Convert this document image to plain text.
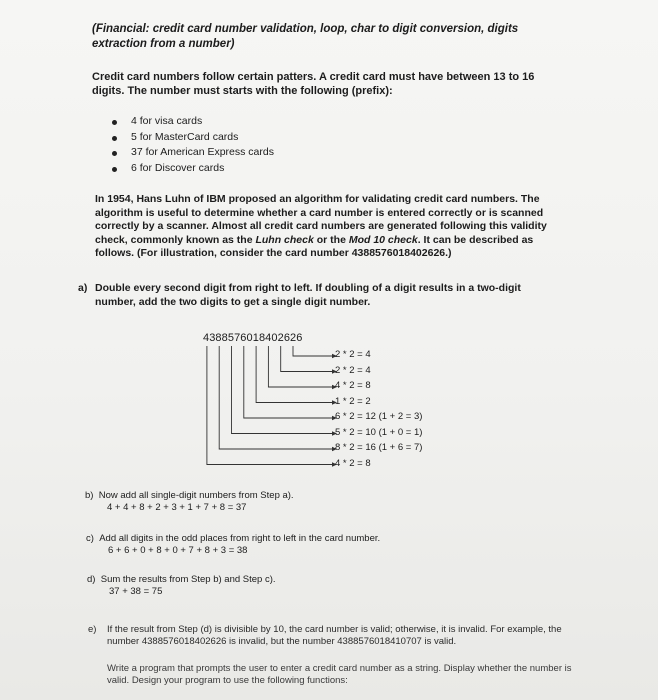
(Financial: credit card number validation, loop, char to digit conversion, digits extraction from a number)
Credit card numbers follow certain patters. A credit card must have between 13 to 16 digits. The number must starts with the following (prefix):
4 for visa cards
5 for MasterCard cards
37 for American Express cards
6 for Discover cards
In 1954, Hans Luhn of IBM proposed an algorithm for validating credit card numbers. The algorithm is useful to determine whether a card number is entered correctly or is scanned correctly by a scanner. Almost all credit card numbers are generated following this validity check, commonly known as the Luhn check or the Mod 10 check. It can be described as follows. (For illustration, consider the card number 4388576018402626.)
a) Double every second digit from right to left. If doubling of a digit results in a two-digit number, add the two digits to get a single digit number.
4388576018402626
2 * 2 = 4
2 * 2 = 4
4 * 2 = 8
1 * 2 = 2
6 * 2 = 12 (1 + 2 = 3)
5 * 2 = 10 (1 + 0 = 1)
8 * 2 = 16 (1 + 6 = 7)
4 * 2 = 8
b) Now add all single-digit numbers from Step a).
4 + 4 + 8 + 2 + 3 + 1 + 7 + 8 = 37
c) Add all digits in the odd places from right to left in the card number.
6 + 6 + 0 + 8 + 0 + 7 + 8 + 3 = 38
d) Sum the results from Step b) and Step c).
37 + 38 = 75
e) If the result from Step (d) is divisible by 10, the card number is valid; otherwise, it is invalid. For example, the number 4388576018402626 is invalid, but the number 4388576018410707 is valid.
Write a program that prompts the user to enter a credit card number as a string. Display whether the number is valid. Design your program to use the following functions:
